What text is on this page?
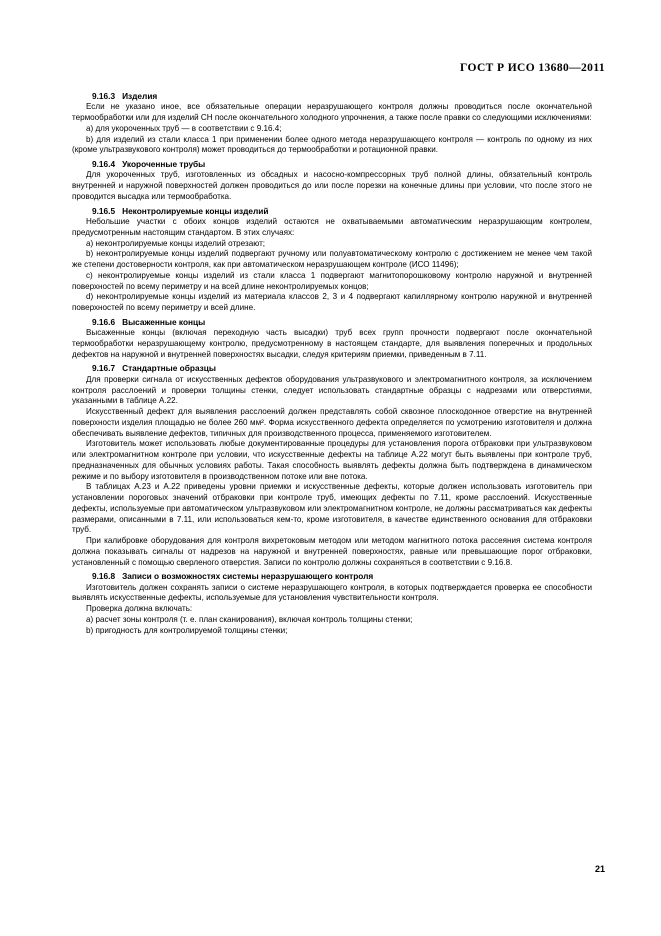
ГОСТ Р ИСО 13680—2011
9.16.3 Изделия

Если не указано иное, все обязательные операции неразрушающего контроля должны проводиться после окончательной термообработки или для изделий СН после окончательного холодного упрочнения, а также после правки со следующими исключениями:

a) для укороченных труб — в соответствии с 9.16.4;

b) для изделий из стали класса 1 при применении более одного метода неразрушающего контроля — контроль по одному из них (кроме ультразвукового контроля) может проводиться до термообработки и ротационной правки.

9.16.4 Укороченные трубы

Для укороченных труб, изготовленных из обсадных и насосно-компрессорных труб полной длины, обязательный контроль внутренней и наружной поверхностей должен проводиться до или после порезки на конечные длины при условии, что после этого не проводится высадка или термообработка.

9.16.5 Неконтролируемые концы изделий

Небольшие участки с обоих концов изделий остаются не охватываемыми автоматическим неразрушающим контролем, предусмотренным настоящим стандартом. В этих случаях:

a) неконтролируемые концы изделий отрезают;

b) неконтролируемые концы изделий подвергают ручному или полуавтоматическому контролю с достижением не менее чем такой же степени достоверности контроля, как при автоматическом неразрушающем контроле (ИСО 11496);

c) неконтролируемые концы изделий из стали класса 1 подвергают магнитопорошковому контролю наружной и внутренней поверхностей по всему периметру и на всей длине неконтролируемых концов;

d) неконтролируемые концы изделий из материала классов 2, 3 и 4 подвергают капиллярному контролю наружной и внутренней поверхностей по всему периметру и всей длине.

9.16.6 Высаженные концы

Высаженные концы (включая переходную часть высадки) труб всех групп прочности подвергают после окончательной термообработки неразрушающему контролю, предусмотренному в настоящем стандарте, для выявления поперечных и продольных дефектов на наружной и внутренней поверхностях высадки, следуя критериям приемки, приведенным в 7.11.

9.16.7 Стандартные образцы

Для проверки сигнала от искусственных дефектов оборудования ультразвукового и электромагнитного контроля, за исключением контроля расслоений и проверки толщины стенки, следует использовать стандартные образцы с надрезами или отверстиями, указанными в таблице А.22.

Искусственный дефект для выявления расслоений должен представлять собой сквозное плоскодонное отверстие на внутренней поверхности изделия площадью не более 260 мм². Форма искусственного дефекта определяется по усмотрению изготовителя и должна обеспечивать выявление дефектов, типичных для производственного процесса, применяемого изготовителем.

Изготовитель может использовать любые документированные процедуры для установления порога отбраковки при ультразвуковом или электромагнитном контроле при условии, что искусственные дефекты на таблице А.22 могут быть выявлены при контроле труб, предназначенных для обычных условиях работы. Такая способность выявлять дефекты должна быть подтверждена в динамическом режиме и по выбору изготовителя в производственном потоке или вне потока.

В таблицах А.23 и А.22 приведены уровни приемки и искусственные дефекты, которые должен использовать изготовитель при установлении пороговых значений отбраковки при контроле труб, имеющих дефекты по 7.11, кроме расслоений. Искусственные дефекты, используемые при автоматическом ультразвуковом или электромагнитном контроле, не должны рассматриваться как дефекты размерами, описанными в 7.11, или использоваться кем-то, кроме изготовителя, в качестве единственного основания для отбраковки труб.

При калибровке оборудования для контроля вихретоковым методом или методом магнитного потока рассеяния система контроля должна показывать сигналы от надрезов на наружной и внутренней поверхностях, равные или превышающие порог отбраковки, установленный с помощью сверленого отверстия. Записи по контролю должны сохраняться в соответствии с 9.16.8.

9.16.8 Записи о возможностях системы неразрушающего контроля

Изготовитель должен сохранять записи о системе неразрушающего контроля, в которых подтверждается проверка ее способности выявлять искусственные дефекты, используемые для установления чувствительности контроля.

Проверка должна включать:

a) расчет зоны контроля (т. е. план сканирования), включая контроль толщины стенки;

b) пригодность для контролируемой толщины стенки;

21
